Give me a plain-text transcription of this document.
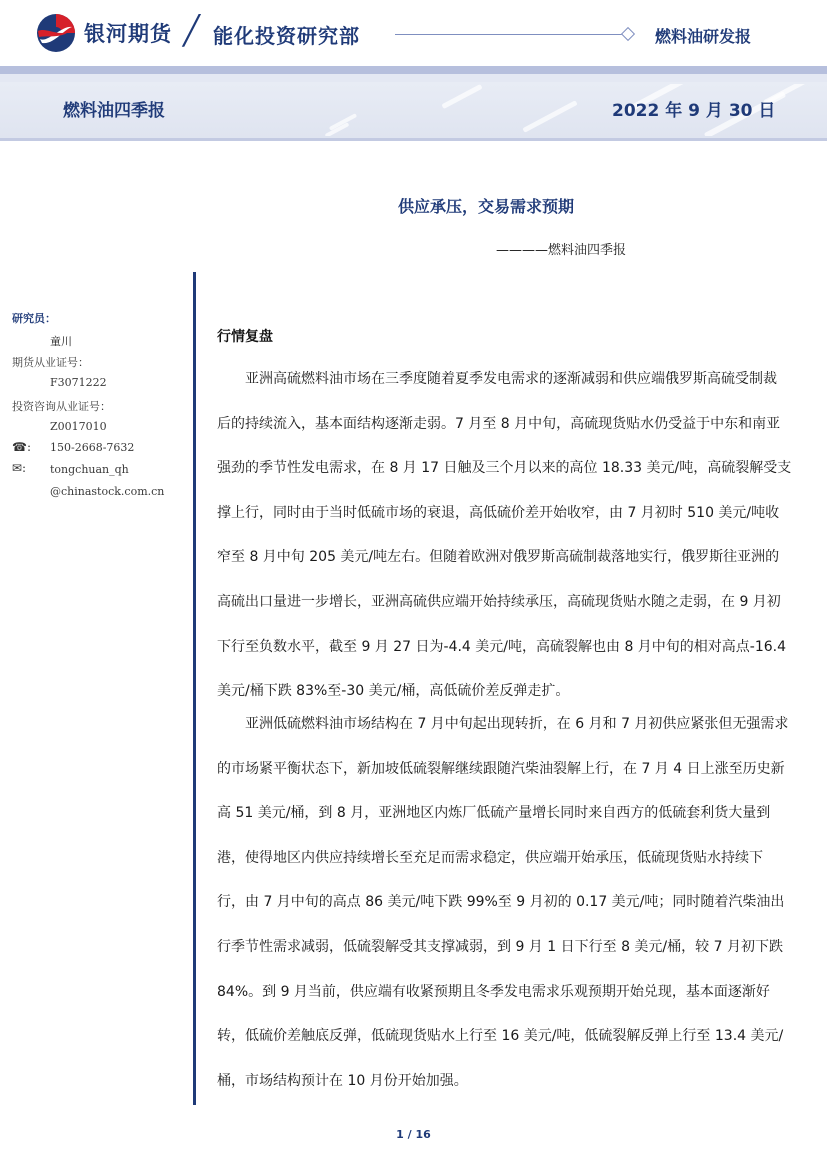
银河期货 ╱ 能化投资研究部	燃料油研发报
燃料油四季报	2022 年 9 月 30 日
供应承压，交易需求预期
————燃料油四季报
研究员：
童川
期货从业证号：
F3071222
投资咨询从业证号：
Z0017010
☎: 150-2668-7632
✉: tongchuan_qh
@chinastock.com.cn
行情复盘
　　亚洲高硫燃料油市场在三季度随着夏季发电需求的逐渐减弱和供应端俄罗斯高硫受制裁
后的持续流入，基本面结构逐渐走弱。7 月至 8 月中旬，高硫现货贴水仍受益于中东和南亚
强劲的季节性发电需求，在 8 月 17 日触及三个月以来的高位 18.33 美元/吨，高硫裂解受支
撑上行，同时由于当时低硫市场的衰退，高低硫价差开始收窄，由 7 月初时 510 美元/吨收
窄至 8 月中旬 205 美元/吨左右。但随着欧洲对俄罗斯高硫制裁落地实行，俄罗斯往亚洲的
高硫出口量进一步增长，亚洲高硫供应端开始持续承压，高硫现货贴水随之走弱，在 9 月初
下行至负数水平，截至 9 月 27 日为-4.4 美元/吨，高硫裂解也由 8 月中旬的相对高点-16.4
美元/桶下跌 83%至-30 美元/桶，高低硫价差反弹走扩。
　　亚洲低硫燃料油市场结构在 7 月中旬起出现转折，在 6 月和 7 月初供应紧张但无强需求
的市场紧平衡状态下，新加坡低硫裂解继续跟随汽柴油裂解上行，在 7 月 4 日上涨至历史新
高 51 美元/桶，到 8 月，亚洲地区内炼厂低硫产量增长同时来自西方的低硫套利货大量到
港，使得地区内供应持续增长至充足而需求稳定，供应端开始承压，低硫现货贴水持续下
行，由 7 月中旬的高点 86 美元/吨下跌 99%至 9 月初的 0.17 美元/吨；同时随着汽柴油出
行季节性需求减弱，低硫裂解受其支撑减弱，到 9 月 1 日下行至 8 美元/桶，较 7 月初下跌
84%。到 9 月当前，供应端有收紧预期且冬季发电需求乐观预期开始兑现，基本面逐渐好
转，低硫价差触底反弹，低硫现货贴水上行至 16 美元/吨，低硫裂解反弹上行至 13.4 美元/
桶，市场结构预计在 10 月份开始加强。
1 / 16
